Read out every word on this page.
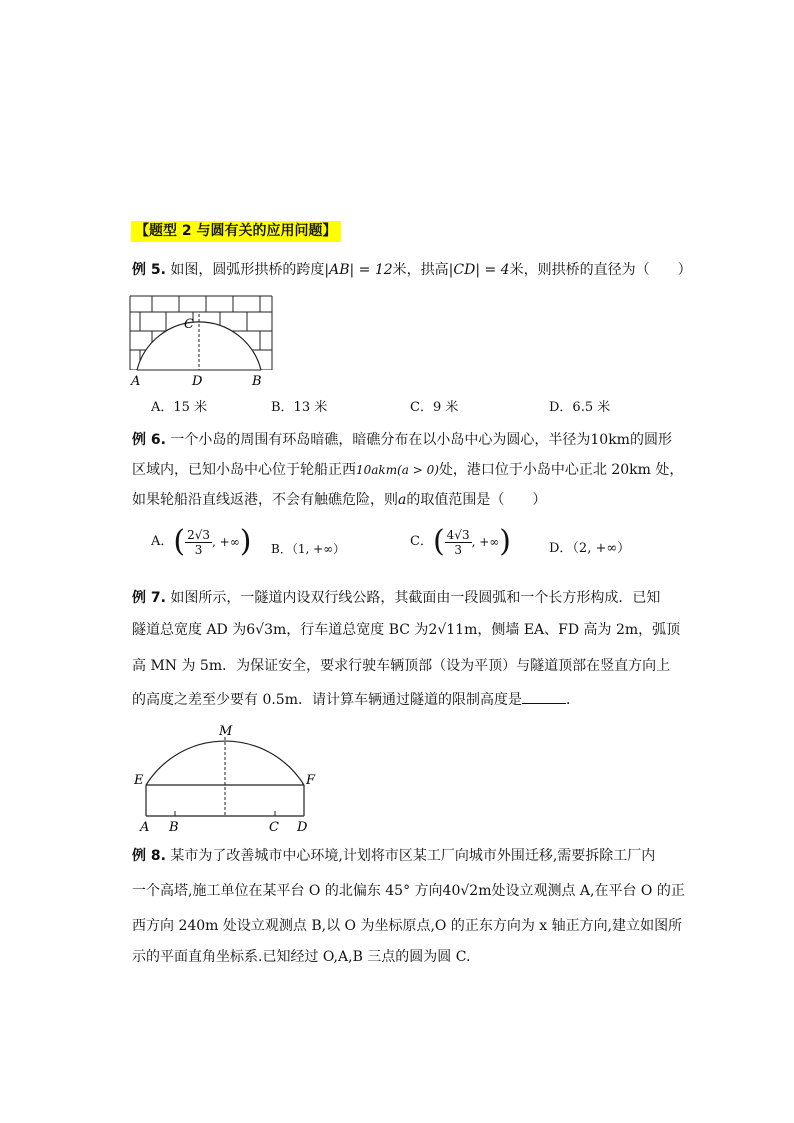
【题型 2 与圆有关的应用问题】
例 5. 如图，圆弧形拱桥的跨度|AB| = 12米，拱高|CD| = 4米，则拱桥的直径为（　　）
C
A	D	B
A．15 米	B．13 米	C．9 米	D．6.5 米
例 6. 一个小岛的周围有环岛暗礁，暗礁分布在以小岛中心为圆心，半径为10km的圆形
区域内，已知小岛中心位于轮船正西10akm(a > 0)处，港口位于小岛中心正北 20km 处，
如果轮船沿直线返港，不会有触礁危险，则a的取值范围是（　　）
A．( $\frac{2√3}{3}$ , +∞) B．（1, +∞）	C．( $\frac{4√3}{3}$ , +∞)	D．（2, +∞）
例 7. 如图所示，一隧道内设双行线公路，其截面由一段圆弧和一个长方形构成．已知
隧道总宽度 AD 为6√3m，行车道总宽度 BC 为2√11m，侧墙 EA、FD 高为 2m，弧顶
高 MN 为 5m．为保证安全，要求行驶车辆顶部（设为平顶）与隧道顶部在竖直方向上
的高度之差至少要有 0.5m．请计算车辆通过隧道的限制高度是	．
M
E	F
A B	C D
例 8. 某市为了改善城市中心环境,计划将市区某工厂向城市外围迁移,需要拆除工厂内
一个高塔,施工单位在某平台 O 的北偏东 45° 方向40√2m处设立观测点 A,在平台 O 的正
西方向 240m 处设立观测点 B,以 O 为坐标原点,O 的正东方向为 x 轴正方向,建立如图所
示的平面直角坐标系.已知经过 O,A,B 三点的圆为圆 C.
